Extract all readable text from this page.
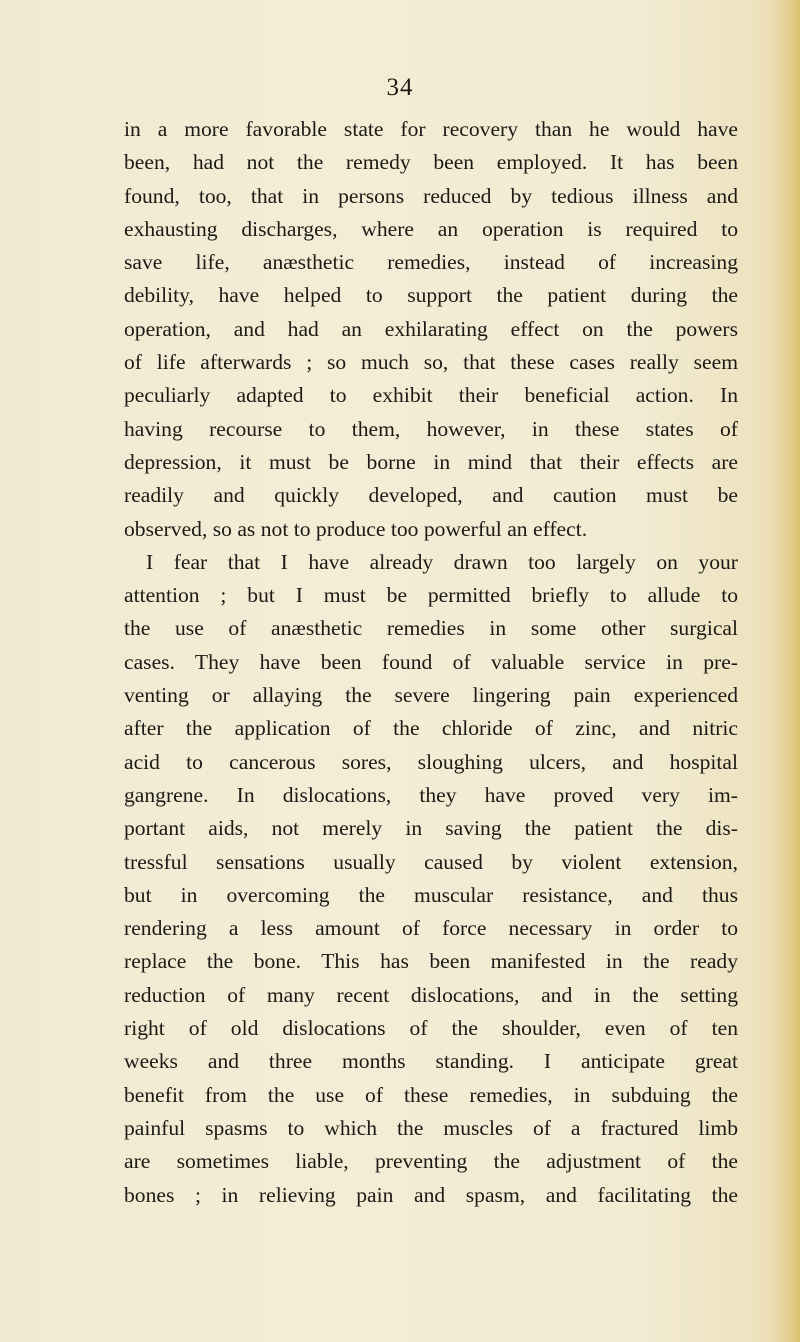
34
in a more favorable state for recovery than he would have
been, had not the remedy been employed. It has been
found, too, that in persons reduced by tedious illness and
exhausting discharges, where an operation is required to
save life, anæsthetic remedies, instead of increasing
debility, have helped to support the patient during the
operation, and had an exhilarating effect on the powers
of life afterwards ; so much so, that these cases really seem
peculiarly adapted to exhibit their beneficial action. In
having recourse to them, however, in these states of
depression, it must be borne in mind that their effects are
readily and quickly developed, and caution must be
observed, so as not to produce too powerful an effect.
I fear that I have already drawn too largely on your
attention ; but I must be permitted briefly to allude to
the use of anæsthetic remedies in some other surgical
cases. They have been found of valuable service in pre-
venting or allaying the severe lingering pain experienced
after the application of the chloride of zinc, and nitric
acid to cancerous sores, sloughing ulcers, and hospital
gangrene. In dislocations, they have proved very im-
portant aids, not merely in saving the patient the dis-
tressful sensations usually caused by violent extension,
but in overcoming the muscular resistance, and thus
rendering a less amount of force necessary in order to
replace the bone. This has been manifested in the ready
reduction of many recent dislocations, and in the setting
right of old dislocations of the shoulder, even of ten
weeks and three months standing. I anticipate great
benefit from the use of these remedies, in subduing the
painful spasms to which the muscles of a fractured limb
are sometimes liable, preventing the adjustment of the
bones ; in relieving pain and spasm, and facilitating the
